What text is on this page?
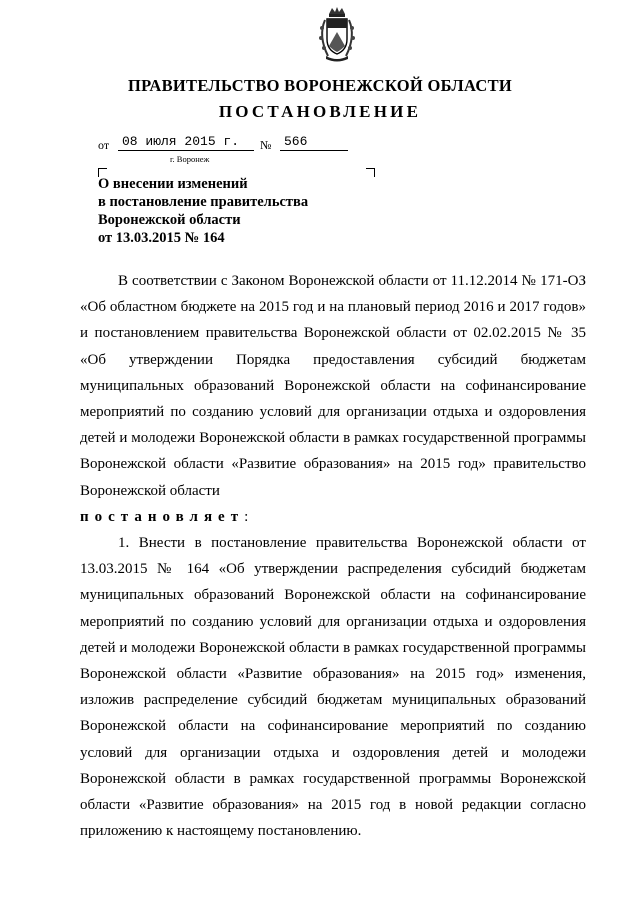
ПРАВИТЕЛЬСТВО ВОРОНЕЖСКОЙ ОБЛАСТИ
ПОСТАНОВЛЕНИЕ
от 08 июля 2015 г.	№ 566
г. Воронеж
О внесении изменений
в постановление правительства
Воронежской области
от 13.03.2015 № 164

В соответствии с Законом Воронежской области от 11.12.2014 № 171-ОЗ «Об областном бюджете на 2015 год и на плановый период 2016 и 2017 годов» и постановлением правительства Воронежской области от 02.02.2015 № 35 «Об утверждении Порядка предоставления субсидий бюджетам муниципальных образований Воронежской области на софинансирование мероприятий по созданию условий для организации отдыха и оздоровления детей и молодежи Воронежской области в рамках государственной программы Воронежской области «Развитие образования» на 2015 год» правительство Воронежской области

постановляет:

1. Внести в постановление правительства Воронежской области от 13.03.2015 № 164 «Об утверждении распределения субсидий бюджетам муниципальных образований Воронежской области на софинансирование мероприятий по созданию условий для организации отдыха и оздоровления детей и молодежи Воронежской области в рамках государственной программы Воронежской области «Развитие образования» на 2015 год» изменения, изложив распределение субсидий бюджетам муниципальных образований Воронежской области на софинансирование мероприятий по созданию условий для организации отдыха и оздоровления детей и молодежи Воронежской области в рамках государственной программы Воронежской области «Развитие образования» на 2015 год в новой редакции согласно приложению к настоящему постановлению.
